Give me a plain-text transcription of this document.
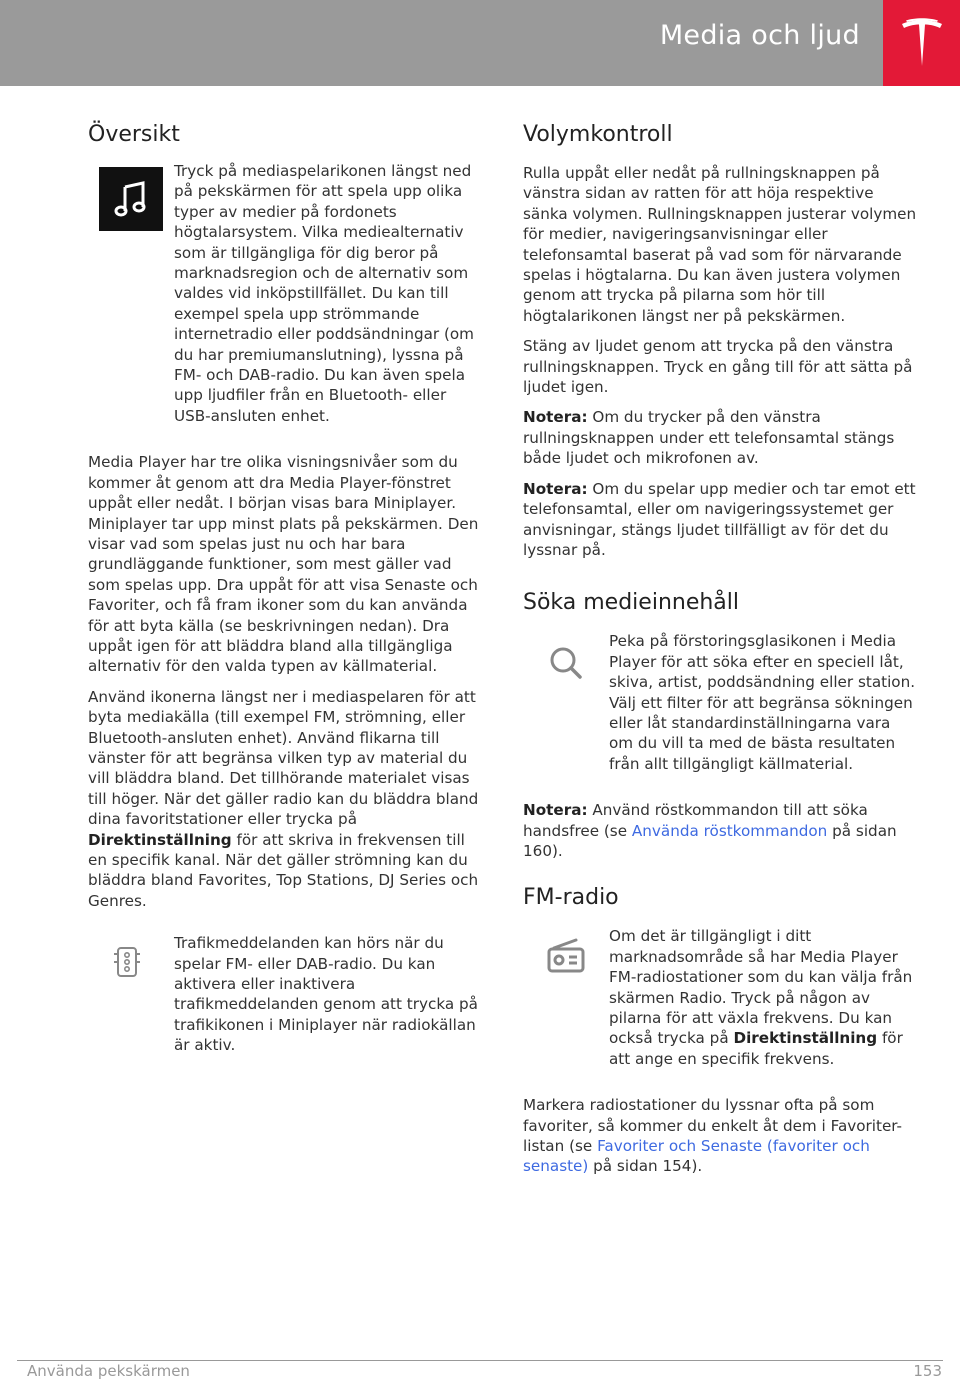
Media och ljud
Översikt

Tryck på mediaspelarikonen längst ned på pekskärmen för att spela upp olika typer av medier på fordonets högtalarsystem. Vilka mediealternativ som är tillgängliga för dig beror på marknadsregion och de alternativ som valdes vid inköpstillfället. Du kan till exempel spela upp strömmande internetradio eller poddsändningar (om du har premiumanslutning), lyssna på FM- och DAB-radio. Du kan även spela upp ljudfiler från en Bluetooth- eller USB-ansluten enhet.

Media Player har tre olika visningsnivåer som du kommer åt genom att dra Media Player-fönstret uppåt eller nedåt. I början visas bara Miniplayer. Miniplayer tar upp minst plats på pekskärmen. Den visar vad som spelas just nu och har bara grundläggande funktioner, som mest gäller vad som spelas upp. Dra uppåt för att visa Senaste och Favoriter, och få fram ikoner som du kan använda för att byta källa (se beskrivningen nedan). Dra uppåt igen för att bläddra bland alla tillgängliga alternativ för den valda typen av källmaterial.

Använd ikonerna längst ner i mediaspelaren för att byta mediakälla (till exempel FM, strömning, eller Bluetooth-ansluten enhet). Använd flikarna till vänster för att begränsa vilken typ av material du vill bläddra bland. Det tillhörande materialet visas till höger. När det gäller radio kan du bläddra bland dina favoritstationer eller trycka på Direktinställning för att skriva in frekvensen till en specifik kanal. När det gäller strömning kan du bläddra bland Favorites, Top Stations, DJ Series och Genres.

Trafikmeddelanden kan hörs när du spelar FM- eller DAB-radio. Du kan aktivera eller inaktivera trafikmeddelanden genom att trycka på trafikikonen i Miniplayer när radiokällan är aktiv.

Volymkontroll

Rulla uppåt eller nedåt på rullningsknappen på vänstra sidan av ratten för att höja respektive sänka volymen. Rullningsknappen justerar volymen för medier, navigeringsanvisningar eller telefonsamtal baserat på vad som för närvarande spelas i högtalarna. Du kan även justera volymen genom att trycka på pilarna som hör till högtalarikonen längst ner på pekskärmen.

Stäng av ljudet genom att trycka på den vänstra rullningsknappen. Tryck en gång till för att sätta på ljudet igen.

Notera: Om du trycker på den vänstra rullningsknappen under ett telefonsamtal stängs både ljudet och mikrofonen av.

Notera: Om du spelar upp medier och tar emot ett telefonsamtal, eller om navigeringssystemet ger anvisningar, stängs ljudet tillfälligt av för det du lyssnar på.

Söka medieinnehåll

Peka på förstoringsglasikonen i Media Player för att söka efter en speciell låt, skiva, artist, poddsändning eller station. Välj ett filter för att begränsa sökningen eller låt standardinställningarna vara om du vill ta med de bästa resultaten från allt tillgängligt källmaterial.

Notera: Använd röstkommandon till att söka handsfree (se Använda röstkommandon på sidan 160).

FM-radio

Om det är tillgängligt i ditt marknadsområde så har Media Player FM-radiostationer som du kan välja från skärmen Radio. Tryck på någon av pilarna för att växla frekvens. Du kan också trycka på Direktinställning för att ange en specifik frekvens.

Markera radiostationer du lyssnar ofta på som favoriter, så kommer du enkelt åt dem i Favoriter-listan (se Favoriter och Senaste (favoriter och senaste) på sidan 154).

Använda pekskärmen	153
